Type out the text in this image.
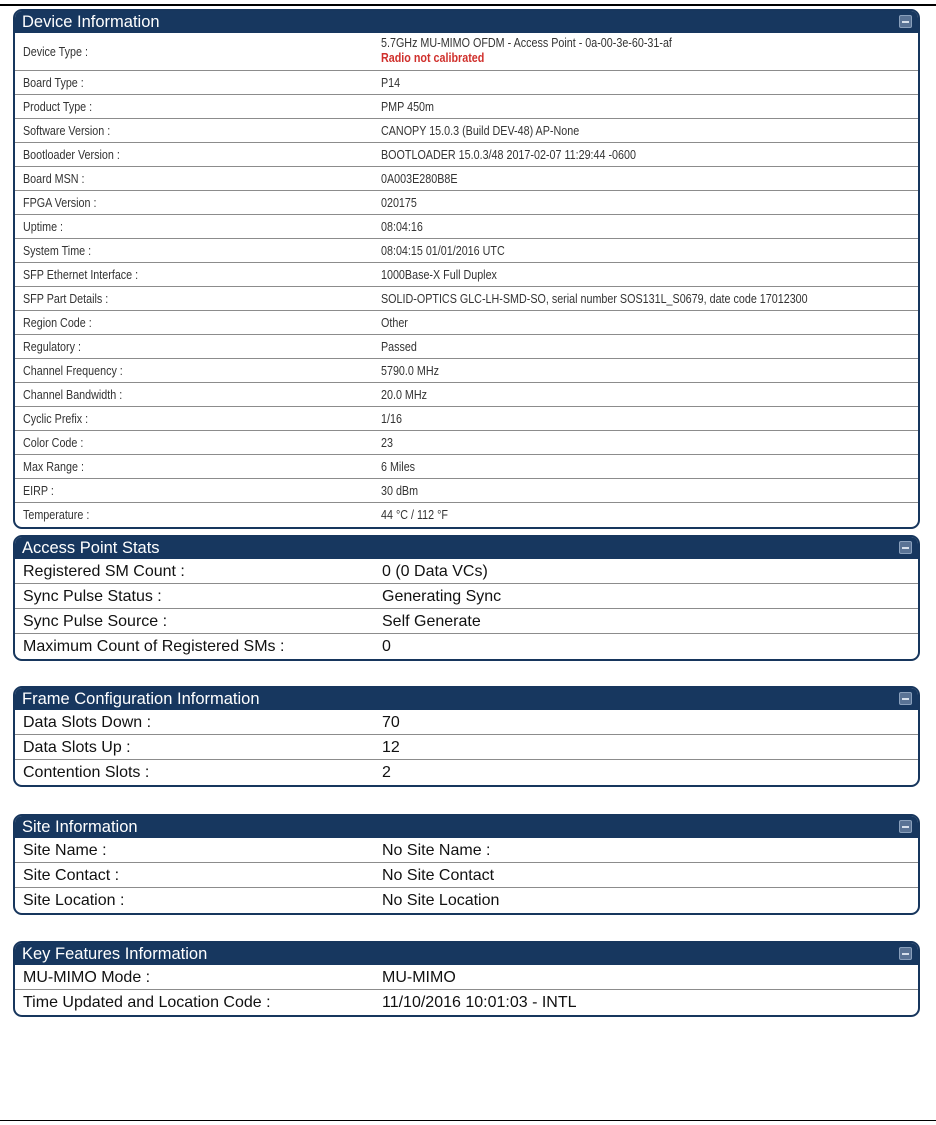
Device Information
Device Type :
5.7GHz MU-MIMO OFDM - Access Point - 0a-00-3e-60-31-af
Radio not calibrated
Board Type :	P14
Product Type :	PMP 450m
Software Version :	CANOPY 15.0.3 (Build DEV-48) AP-None
Bootloader Version :	BOOTLOADER 15.0.3/48 2017-02-07 11:29:44 -0600
Board MSN :	0A003E280B8E
FPGA Version :	020175
Uptime :	08:04:16
System Time :	08:04:15 01/01/2016 UTC
SFP Ethernet Interface :	1000Base-X Full Duplex
SFP Part Details :	SOLID-OPTICS GLC-LH-SMD-SO, serial number SOS131L_S0679, date code 17012300
Region Code :	Other
Regulatory :	Passed
Channel Frequency :	5790.0 MHz
Channel Bandwidth :	20.0 MHz
Cyclic Prefix :	1/16
Color Code :	23
Max Range :	6 Miles
EIRP :	30 dBm
Temperature :	44 °C / 112 °F
Access Point Stats
Registered SM Count :	0 (0 Data VCs)
Sync Pulse Status :	Generating Sync
Sync Pulse Source :	Self Generate
Maximum Count of Registered SMs :	0
Frame Configuration Information
Data Slots Down :	70
Data Slots Up :	12
Contention Slots :	2
Site Information
Site Name :	No Site Name :
Site Contact :	No Site Contact
Site Location :	No Site Location
Key Features Information
MU-MIMO Mode :	MU-MIMO
Time Updated and Location Code :	11/10/2016 10:01:03 - INTL
